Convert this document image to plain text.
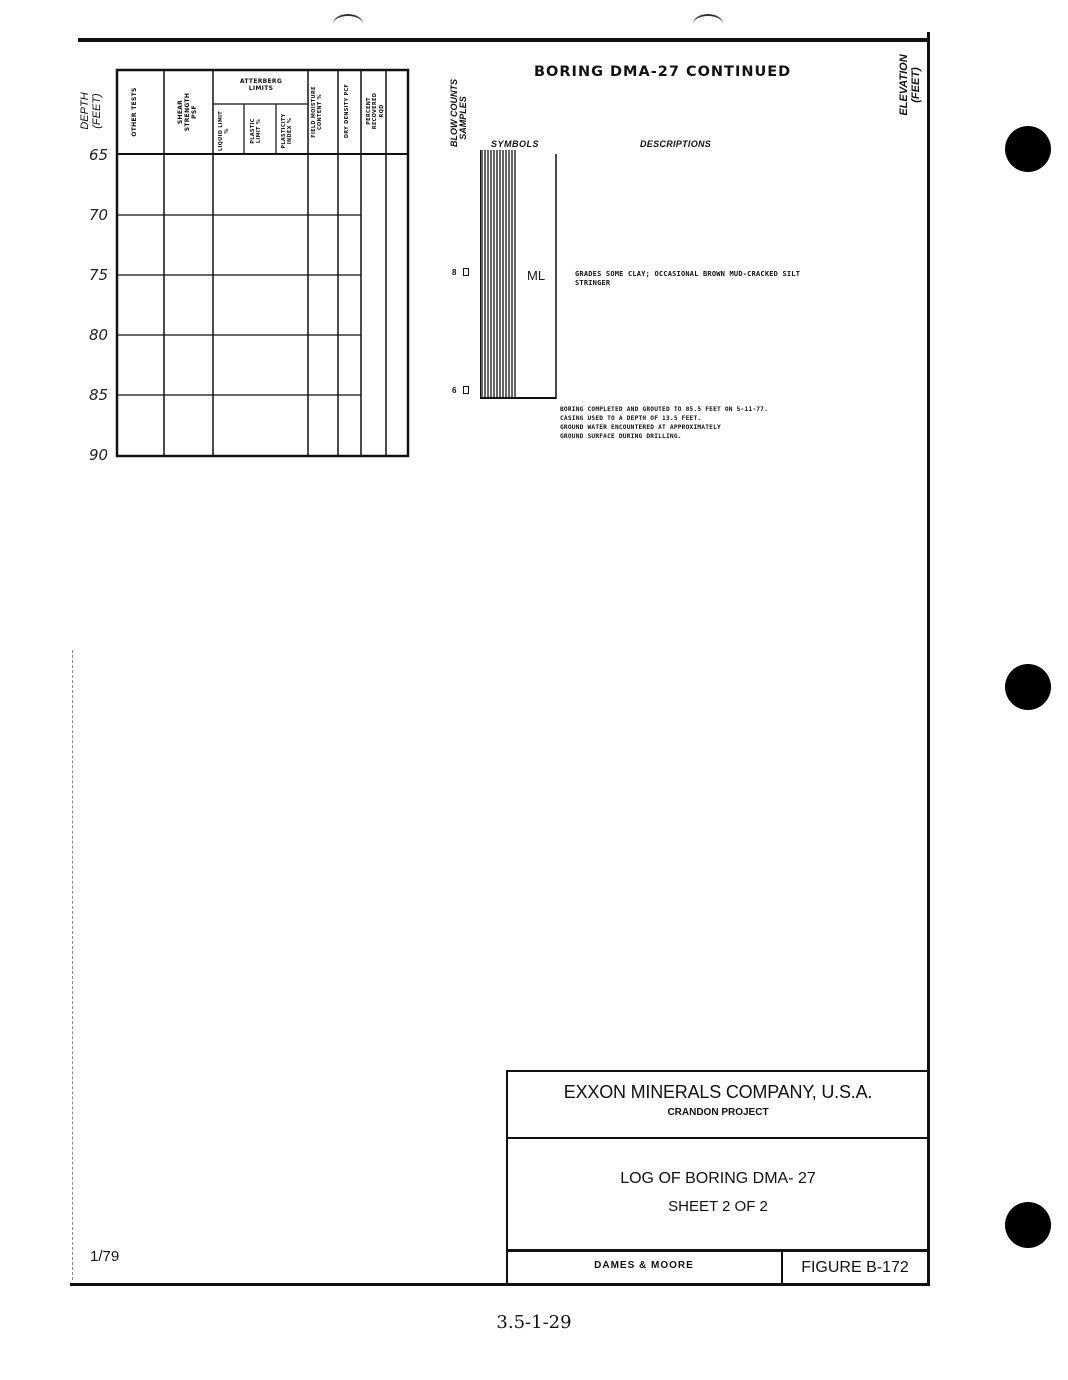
DEPTH (FEET)	ELEVATION (FEET)
BORING DMA-27 CONTINUED
OTHER TESTS	SHEAR STRENGTH PSF
ATTERBERG LIMITS
LIQUID LIMIT %	PLASTIC LIMIT %	PLASTICITY INDEX %	FIELD MOISTURE CONTENT %	DRY DENSITY PCF	PERCENT RECOVERED RQD
65
70
75
80
85
90
BLOW COUNTS SAMPLES
SYMBOLS	DESCRIPTIONS
ML
8
6
GRADES SOME CLAY; OCCASIONAL BROWN MUD-CRACKED SILT STRINGER
BORING COMPLETED AND GROUTED TO 85.5 FEET ON 5-11-77.
CASING USED TO A DEPTH OF 13.5 FEET.
GROUND WATER ENCOUNTERED AT APPROXIMATELY
GROUND SURFACE DURING DRILLING.
EXXON MINERALS COMPANY, U.S.A.
CRANDON PROJECT
LOG OF BORING DMA- 27
SHEET 2 OF 2
DAMES & MOORE	FIGURE B-172
1/79
3.5-1-29
